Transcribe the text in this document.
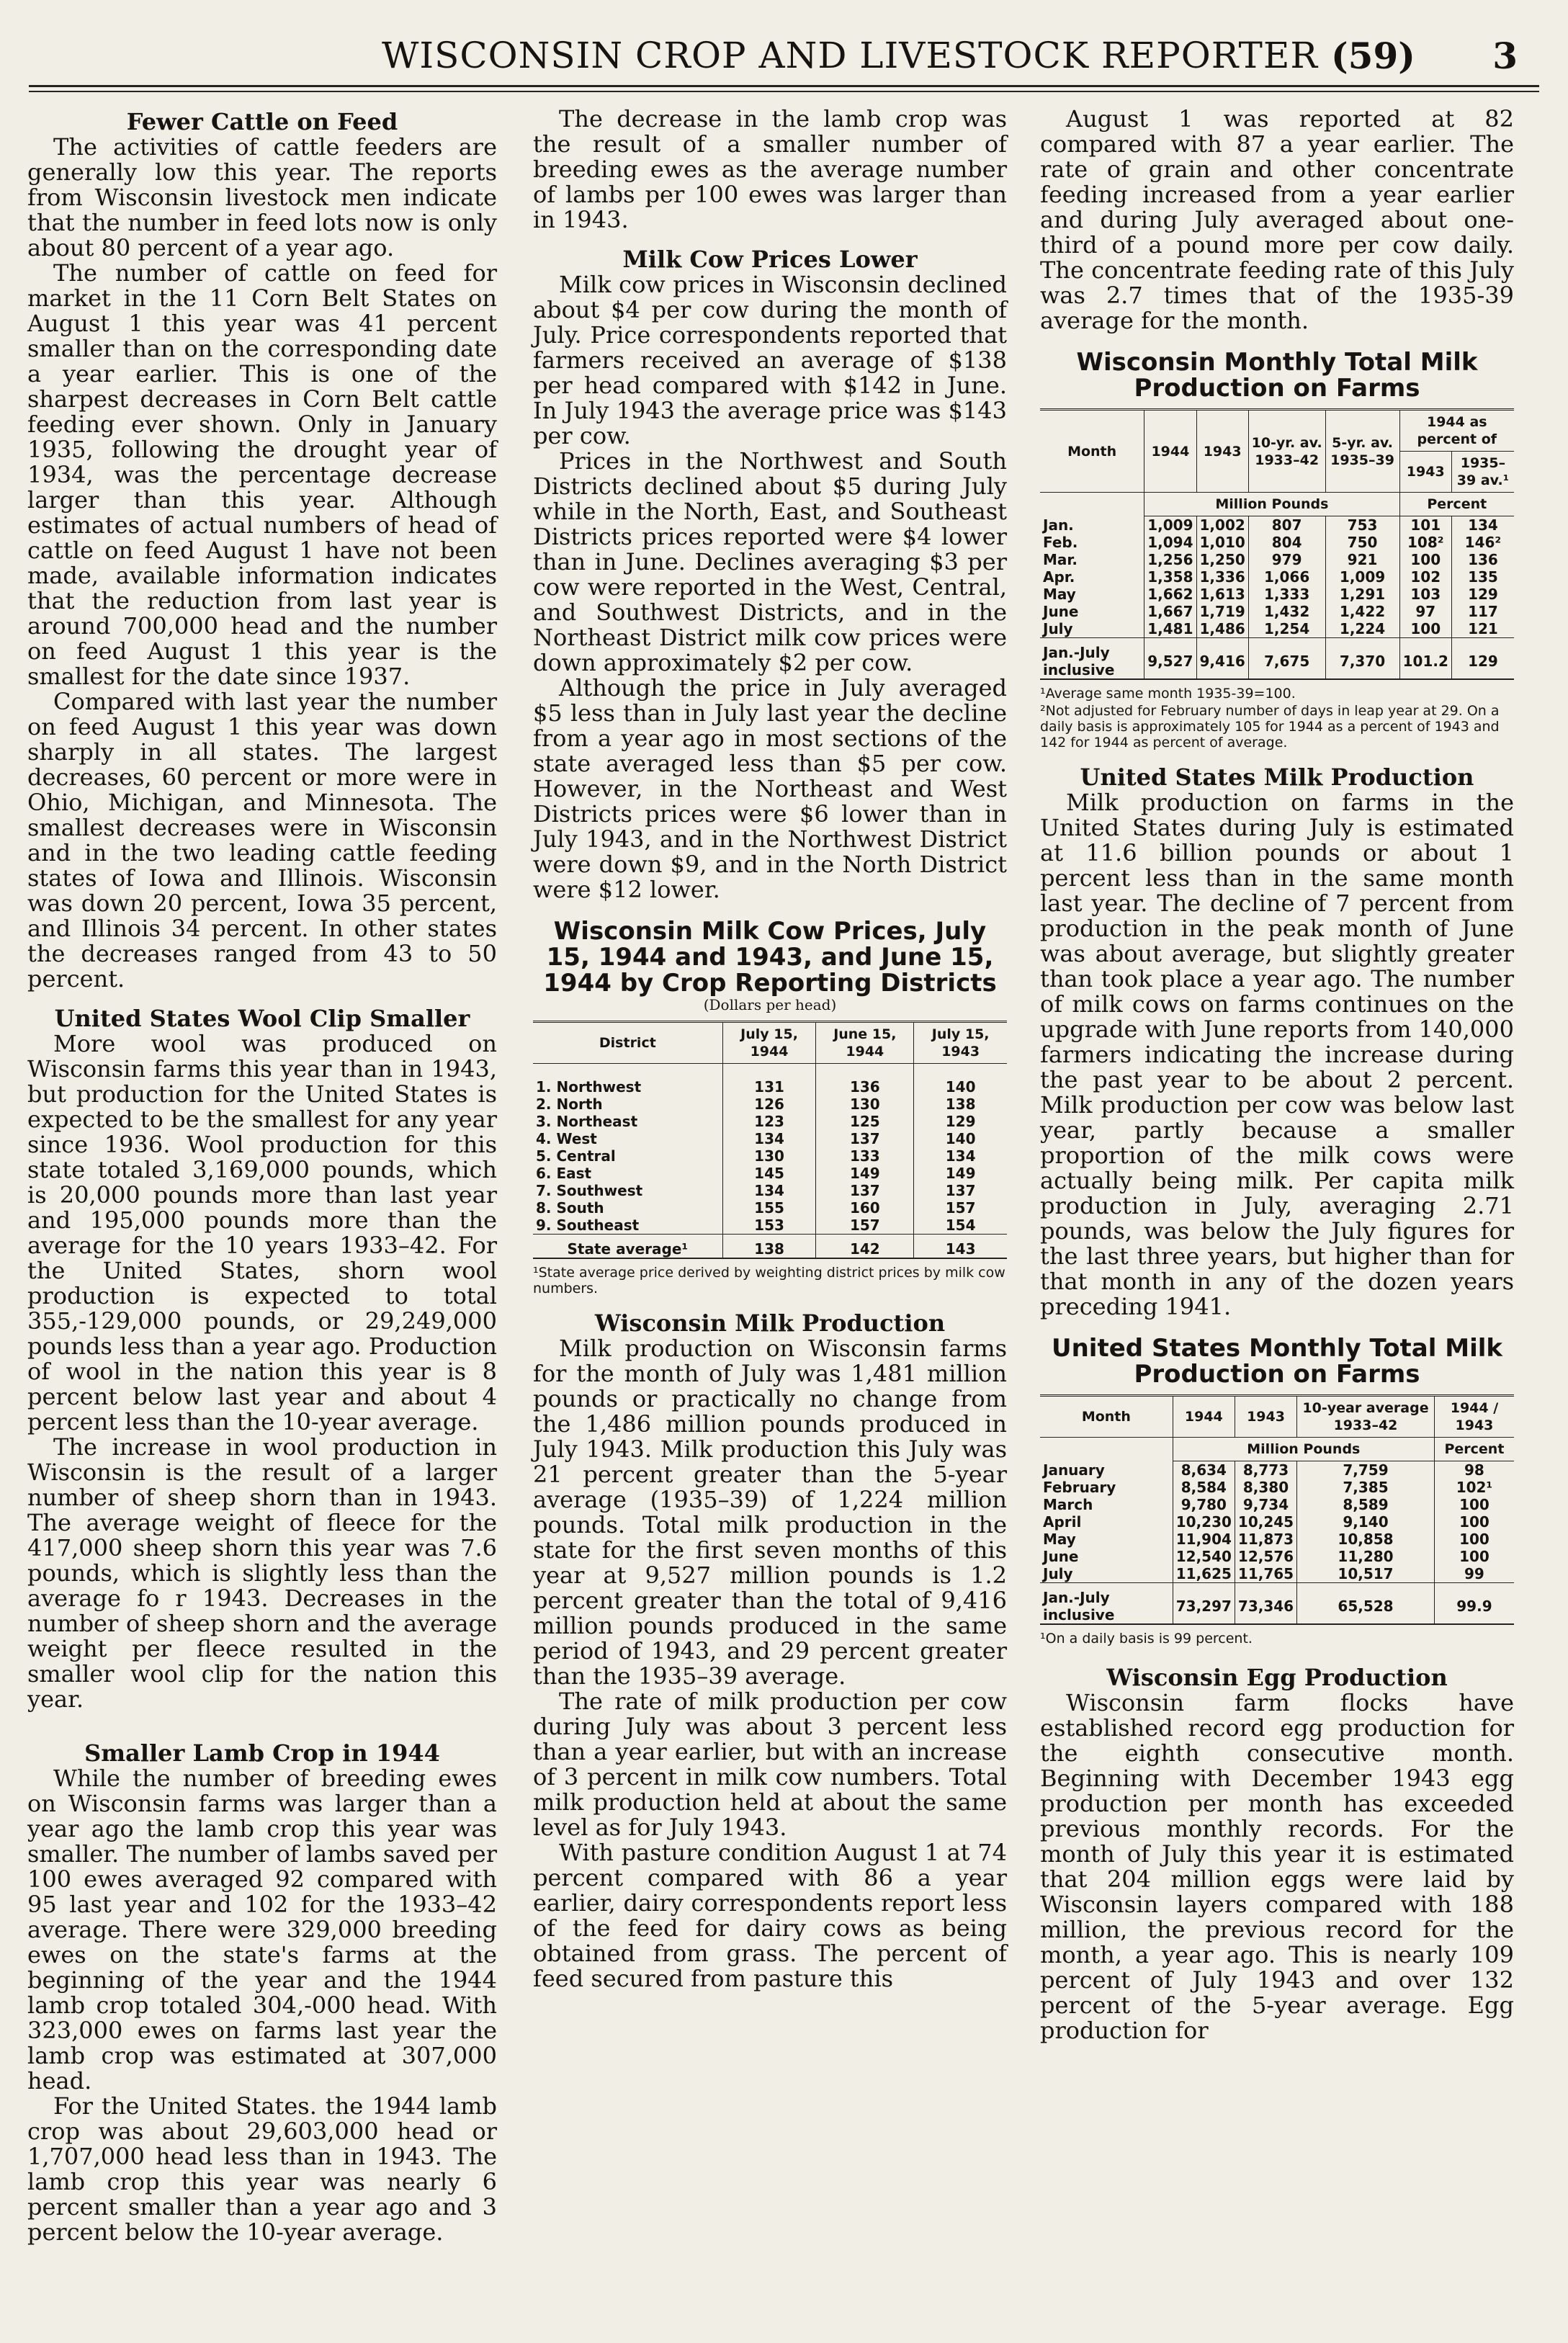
WISCONSIN CROP AND LIVESTOCK REPORTER (59) 3
Fewer Cattle on Feed

The activities of cattle feeders are generally low this year. The reports from Wisconsin livestock men indicate that the number in feed lots now is only about 80 percent of a year ago.

The number of cattle on feed for market in the 11 Corn Belt States on August 1 this year was 41 percent smaller than on the corresponding date a year earlier. This is one of the sharpest decreases in Corn Belt cattle feeding ever shown. Only in January 1935, following the drought year of 1934, was the percentage decrease larger than this year. Although estimates of actual numbers of head of cattle on feed August 1 have not been made, available information indicates that the reduction from last year is around 700,000 head and the number on feed August 1 this year is the smallest for the date since 1937.

Compared with last year the number on feed August 1 this year was down sharply in all states. The largest decreases, 60 percent or more were in Ohio, Michigan, and Minnesota. The smallest decreases were in Wisconsin and in the two leading cattle feeding states of Iowa and Illinois. Wisconsin was down 20 percent, Iowa 35 percent, and Illinois 34 percent. In other states the decreases ranged from 43 to 50 percent.

United States Wool Clip Smaller

More wool was produced on Wisconsin farms this year than in 1943, but production for the United States is expected to be the smallest for any year since 1936. Wool production for this state totaled 3,169,000 pounds, which is 20,000 pounds more than last year and 195,000 pounds more than the average for the 10 years 1933–42. For the United States, shorn wool production is expected to total 355,-129,000 pounds, or 29,249,000 pounds less than a year ago. Production of wool in the nation this year is 8 percent below last year and about 4 percent less than the 10-year average.

The increase in wool production in Wisconsin is the result of a larger number of sheep shorn than in 1943. The average weight of fleece for the 417,000 sheep shorn this year was 7.6 pounds, which is slightly less than the average fo r 1943. Decreases in the number of sheep shorn and the average weight per fleece resulted in the smaller wool clip for the nation this year.

Smaller Lamb Crop in 1944

While the number of breeding ewes on Wisconsin farms was larger than a year ago the lamb crop this year was smaller. The number of lambs saved per 100 ewes averaged 92 compared with 95 last year and 102 for the 1933–42 average. There were 329,000 breeding ewes on the state's farms at the beginning of the year and the 1944 lamb crop totaled 304,-000 head. With 323,000 ewes on farms last year the lamb crop was estimated at 307,000 head.

For the United States. the 1944 lamb crop was about 29,603,000 head or 1,707,000 head less than in 1943. The lamb crop this year was nearly 6 percent smaller than a year ago and 3 percent below the 10-year average.

The decrease in the lamb crop was the result of a smaller number of breeding ewes as the average number of lambs per 100 ewes was larger than in 1943.

Milk Cow Prices Lower

Milk cow prices in Wisconsin declined about $4 per cow during the month of July. Price correspondents reported that farmers received an average of $138 per head compared with $142 in June. In July 1943 the average price was $143 per cow.

Prices in the Northwest and South Districts declined about $5 during July while in the North, East, and Southeast Districts prices reported were $4 lower than in June. Declines averaging $3 per cow were reported in the West, Central, and Southwest Districts, and in the Northeast District milk cow prices were down approximately $2 per cow.

Although the price in July averaged $5 less than in July last year the decline from a year ago in most sections of the state averaged less than $5 per cow. However, in the Northeast and West Districts prices were $6 lower than in July 1943, and in the Northwest District were down $9, and in the North District were $12 lower.

Wisconsin Milk Cow Prices, July 15, 1944 and 1943, and June 15, 1944 by Crop Reporting Districts
(Dollars per head)
District	July 15, 1944	June 15, 1944	July 15, 1943

1. Northwest	131	136	140
2. North	126	130	138
3. Northeast	123	125	129
4. West	134	137	140
5. Central	130	133	134
6. East	145	149	149
7. Southwest	134	137	137
8. South	155	160	157
9. Southeast	153	157	154
State average¹	138	142	143
¹State average price derived by weighting district prices by milk cow numbers.
Wisconsin Milk Production

Milk production on Wisconsin farms for the month of July was 1,481 million pounds or practically no change from the 1,486 million pounds produced in July 1943. Milk production this July was 21 percent greater than the 5-year average (1935–39) of 1,224 million pounds. Total milk production in the state for the first seven months of this year at 9,527 million pounds is 1.2 percent greater than the total of 9,416 million pounds produced in the same period of 1943, and 29 percent greater than the 1935–39 average.

The rate of milk production per cow during July was about 3 percent less than a year earlier, but with an increase of 3 percent in milk cow numbers. Total milk production held at about the same level as for July 1943.

With pasture condition August 1 at 74 percent compared with 86 a year earlier, dairy correspondents report less of the feed for dairy cows as being obtained from grass. The percent of feed secured from pasture this

August 1 was reported at 82 compared with 87 a year earlier. The rate of grain and other concentrate feeding increased from a year earlier and during July averaged about one-third of a pound more per cow daily. The concentrate feeding rate of this July was 2.7 times that of the 1935-39 average for the month.

Wisconsin Monthly Total Milk Production on Farms
Month	1944	1943	10-yr. av. 1933–42	5-yr. av. 1935–39	1944 as percent of	
					1943	1935–39 av.¹
	Million Pounds				Percent	
Jan.	1,009	1,002	807	753	101	134
Feb.	1,094	1,010	804	750	108²	146²
Mar.	1,256	1,250	979	921	100	136
Apr.	1,358	1,336	1,066	1,009	102	135
May	1,662	1,613	1,333	1,291	103	129
June	1,667	1,719	1,432	1,422	97	117
July	1,481	1,486	1,254	1,224	100	121
Jan.-July inclusive	9,527	9,416	7,675	7,370	101.2	129
¹Average same month 1935-39=100.
²Not adjusted for February number of days in leap year at 29. On a daily basis is approximately 105 for 1944 as a percent of 1943 and 142 for 1944 as percent of average.
United States Milk Production

Milk production on farms in the United States during July is estimated at 11.6 billion pounds or about 1 percent less than in the same month last year. The decline of 7 percent from production in the peak month of June was about average, but slightly greater than took place a year ago. The number of milk cows on farms continues on the upgrade with June reports from 140,000 farmers indicating the increase during the past year to be about 2 percent. Milk production per cow was below last year, partly because a smaller proportion of the milk cows were actually being milk. Per capita milk production in July, averaging 2.71 pounds, was below the July figures for the last three years, but higher than for that month in any of the dozen years preceding 1941.

United States Monthly Total Milk Production on Farms
Month	1944	1943	10-year average 1933–42	1944 / 1943
	Million Pounds			Percent
January	8,634	8,773	7,759	98
February	8,584	8,380	7,385	102¹
March	9,780	9,734	8,589	100
April	10,230	10,245	9,140	100
May	11,904	11,873	10,858	100
June	12,540	12,576	11,280	100
July	11,625	11,765	10,517	99
Jan.-July inclusive	73,297	73,346	65,528	99.9
¹On a daily basis is 99 percent.
Wisconsin Egg Production

Wisconsin farm flocks have established record egg production for the eighth consecutive month. Beginning with December 1943 egg production per month has exceeded previous monthly records. For the month of July this year it is estimated that 204 million eggs were laid by Wisconsin layers compared with 188 million, the previous record for the month, a year ago. This is nearly 109 percent of July 1943 and over 132 percent of the 5-year average. Egg production for
